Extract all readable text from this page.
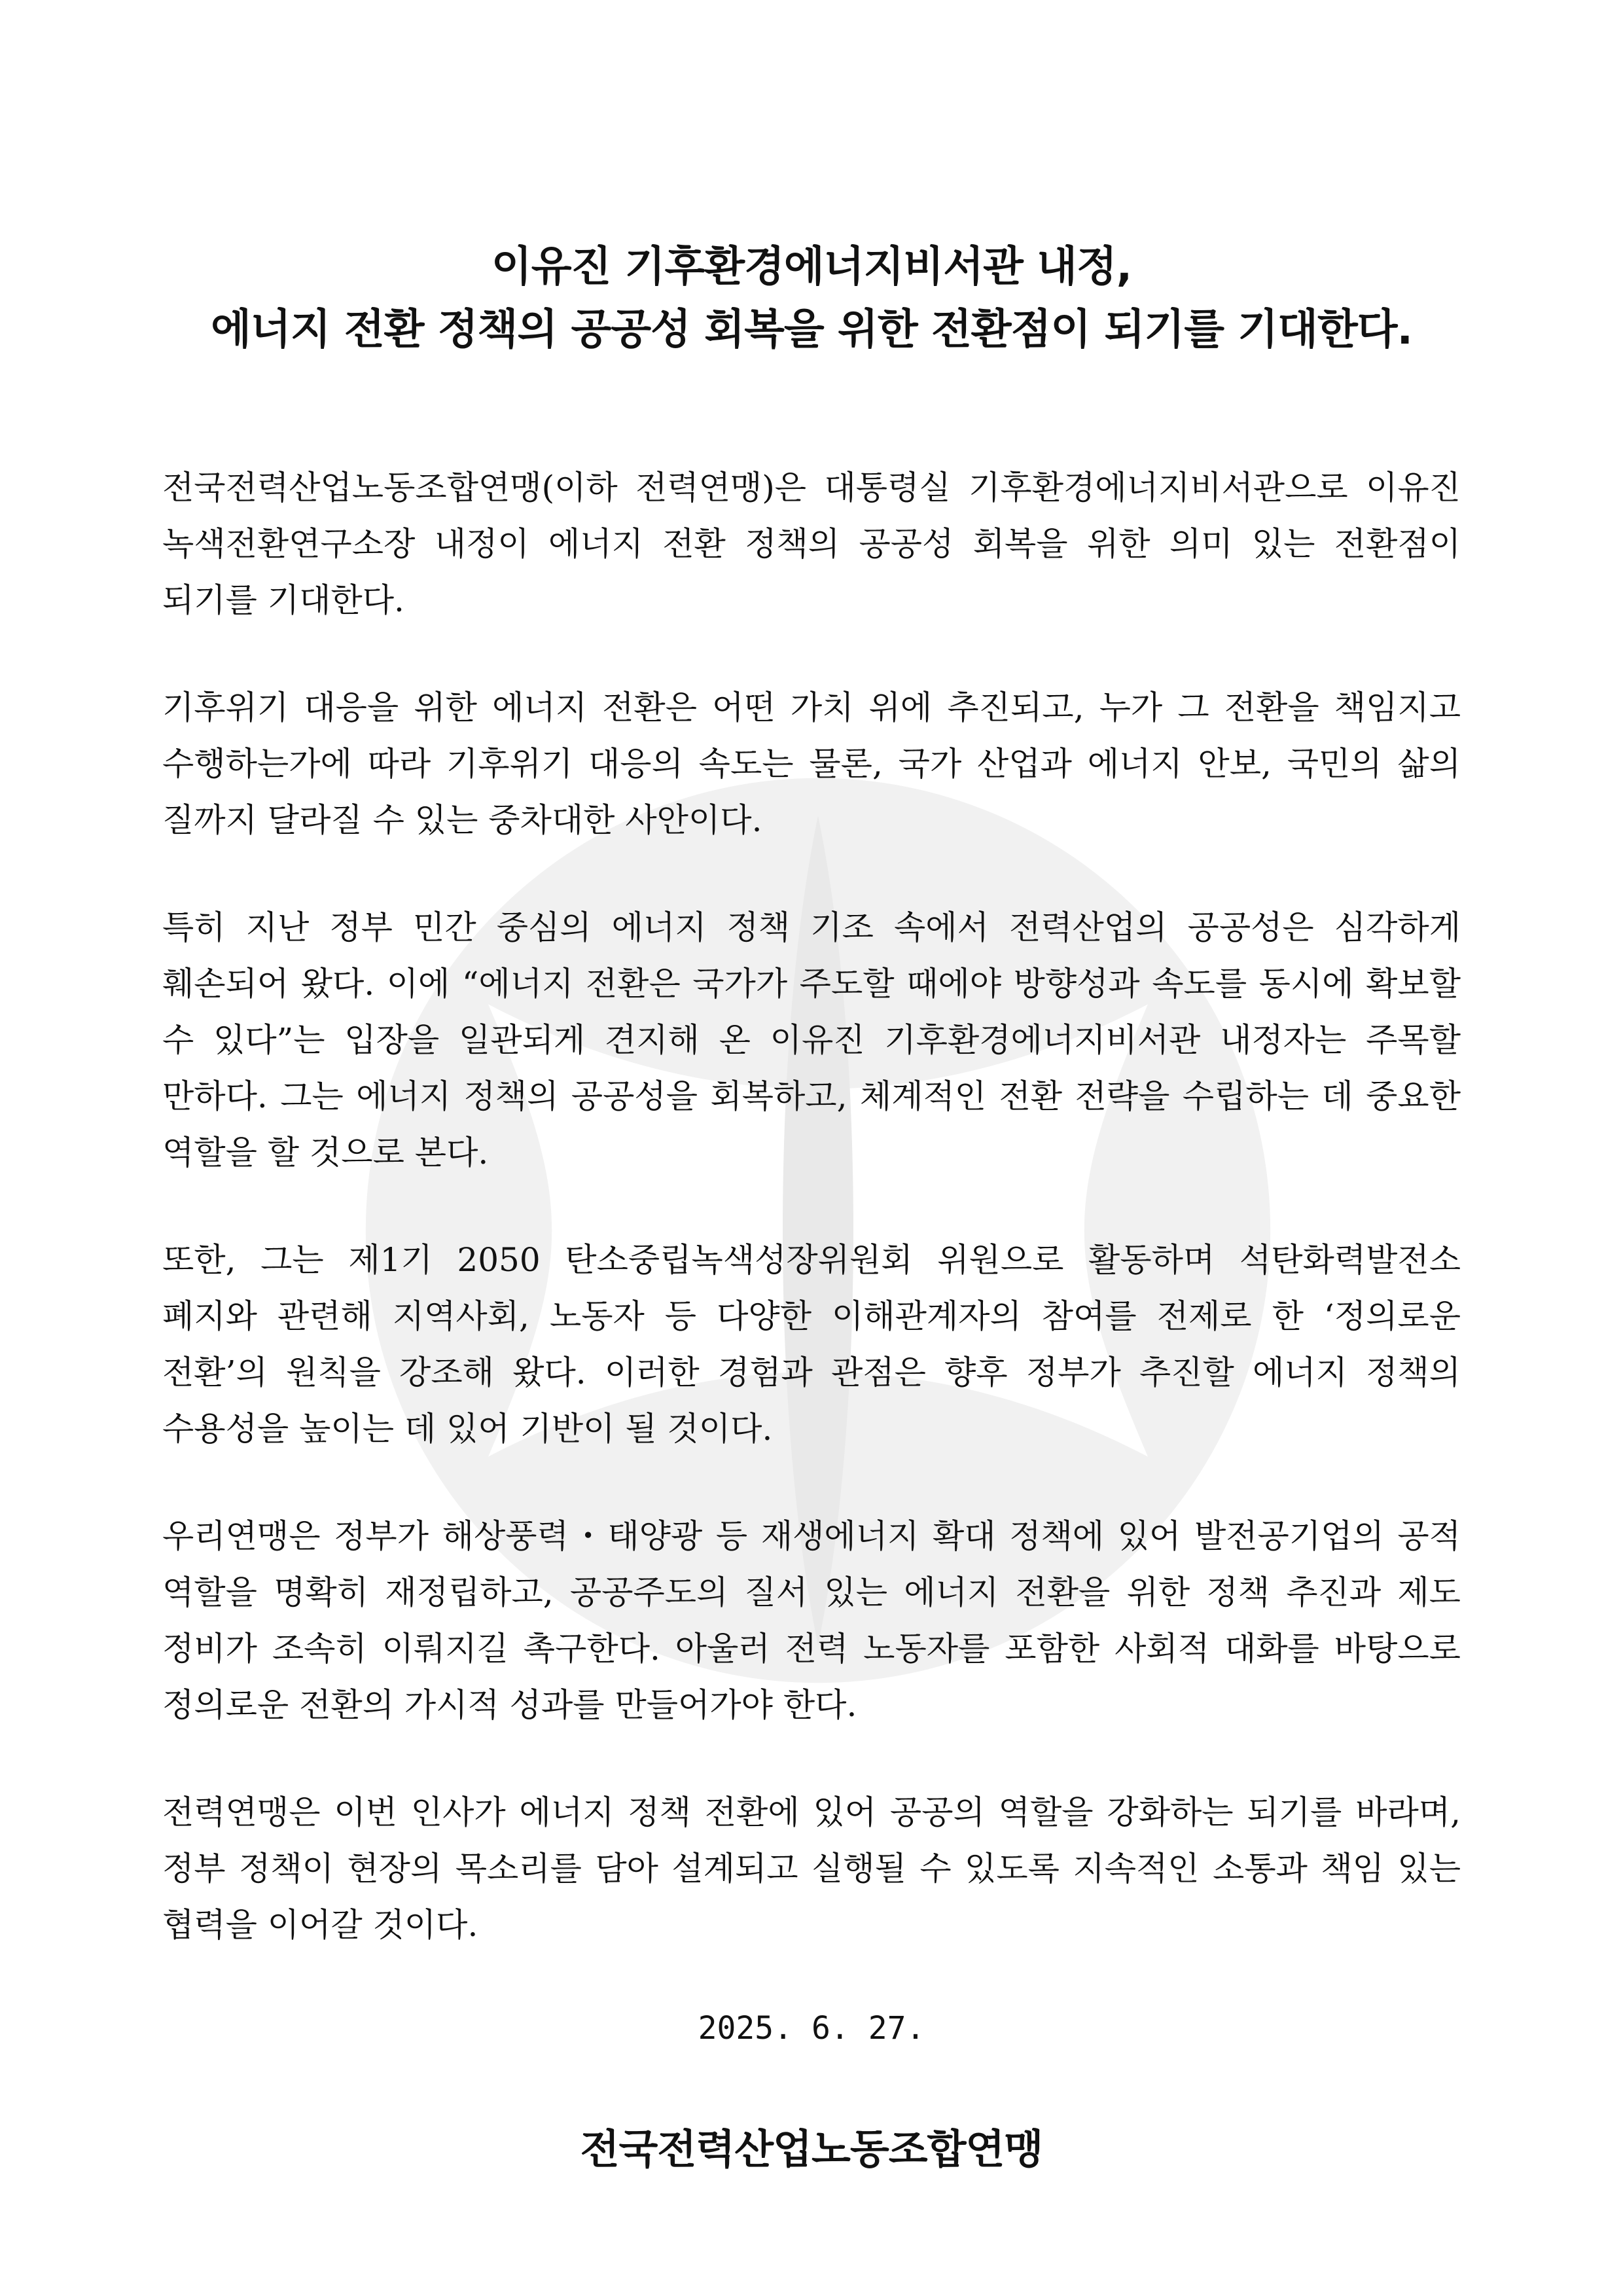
이유진 기후환경에너지비서관 내정,
에너지 전환 정책의 공공성 회복을 위한 전환점이 되기를 기대한다.

전국전력산업노동조합연맹(이하 전력연맹)은 대통령실 기후환경에너지비서관으로 이유진 녹색전환연구소장 내정이 에너지 전환 정책의 공공성 회복을 위한 의미 있는 전환점이 되기를 기대한다.

기후위기 대응을 위한 에너지 전환은 어떤 가치 위에 추진되고, 누가 그 전환을 책임지고 수행하는가에 따라 기후위기 대응의 속도는 물론, 국가 산업과 에너지 안보, 국민의 삶의 질까지 달라질 수 있는 중차대한 사안이다.

특히 지난 정부 민간 중심의 에너지 정책 기조 속에서 전력산업의 공공성은 심각하게 훼손되어 왔다. 이에 “에너지 전환은 국가가 주도할 때에야 방향성과 속도를 동시에 확보할 수 있다”는 입장을 일관되게 견지해 온 이유진 기후환경에너지비서관 내정자는 주목할 만하다. 그는 에너지 정책의 공공성을 회복하고, 체계적인 전환 전략을 수립하는 데 중요한 역할을 할 것으로 본다.

또한, 그는 제1기 2050 탄소중립녹색성장위원회 위원으로 활동하며 석탄화력발전소 폐지와 관련해 지역사회, 노동자 등 다양한 이해관계자의 참여를 전제로 한 ‘정의로운 전환’의 원칙을 강조해 왔다. 이러한 경험과 관점은 향후 정부가 추진할 에너지 정책의 수용성을 높이는 데 있어 기반이 될 것이다.

우리연맹은 정부가 해상풍력・태양광 등 재생에너지 확대 정책에 있어 발전공기업의 공적 역할을 명확히 재정립하고, 공공주도의 질서 있는 에너지 전환을 위한 정책 추진과 제도 정비가 조속히 이뤄지길 촉구한다. 아울러 전력 노동자를 포함한 사회적 대화를 바탕으로 정의로운 전환의 가시적 성과를 만들어가야 한다.

전력연맹은 이번 인사가 에너지 정책 전환에 있어 공공의 역할을 강화하는 되기를 바라며, 정부 정책이 현장의 목소리를 담아 설계되고 실행될 수 있도록 지속적인 소통과 책임 있는 협력을 이어갈 것이다.

2025. 6. 27.
전국전력산업노동조합연맹
